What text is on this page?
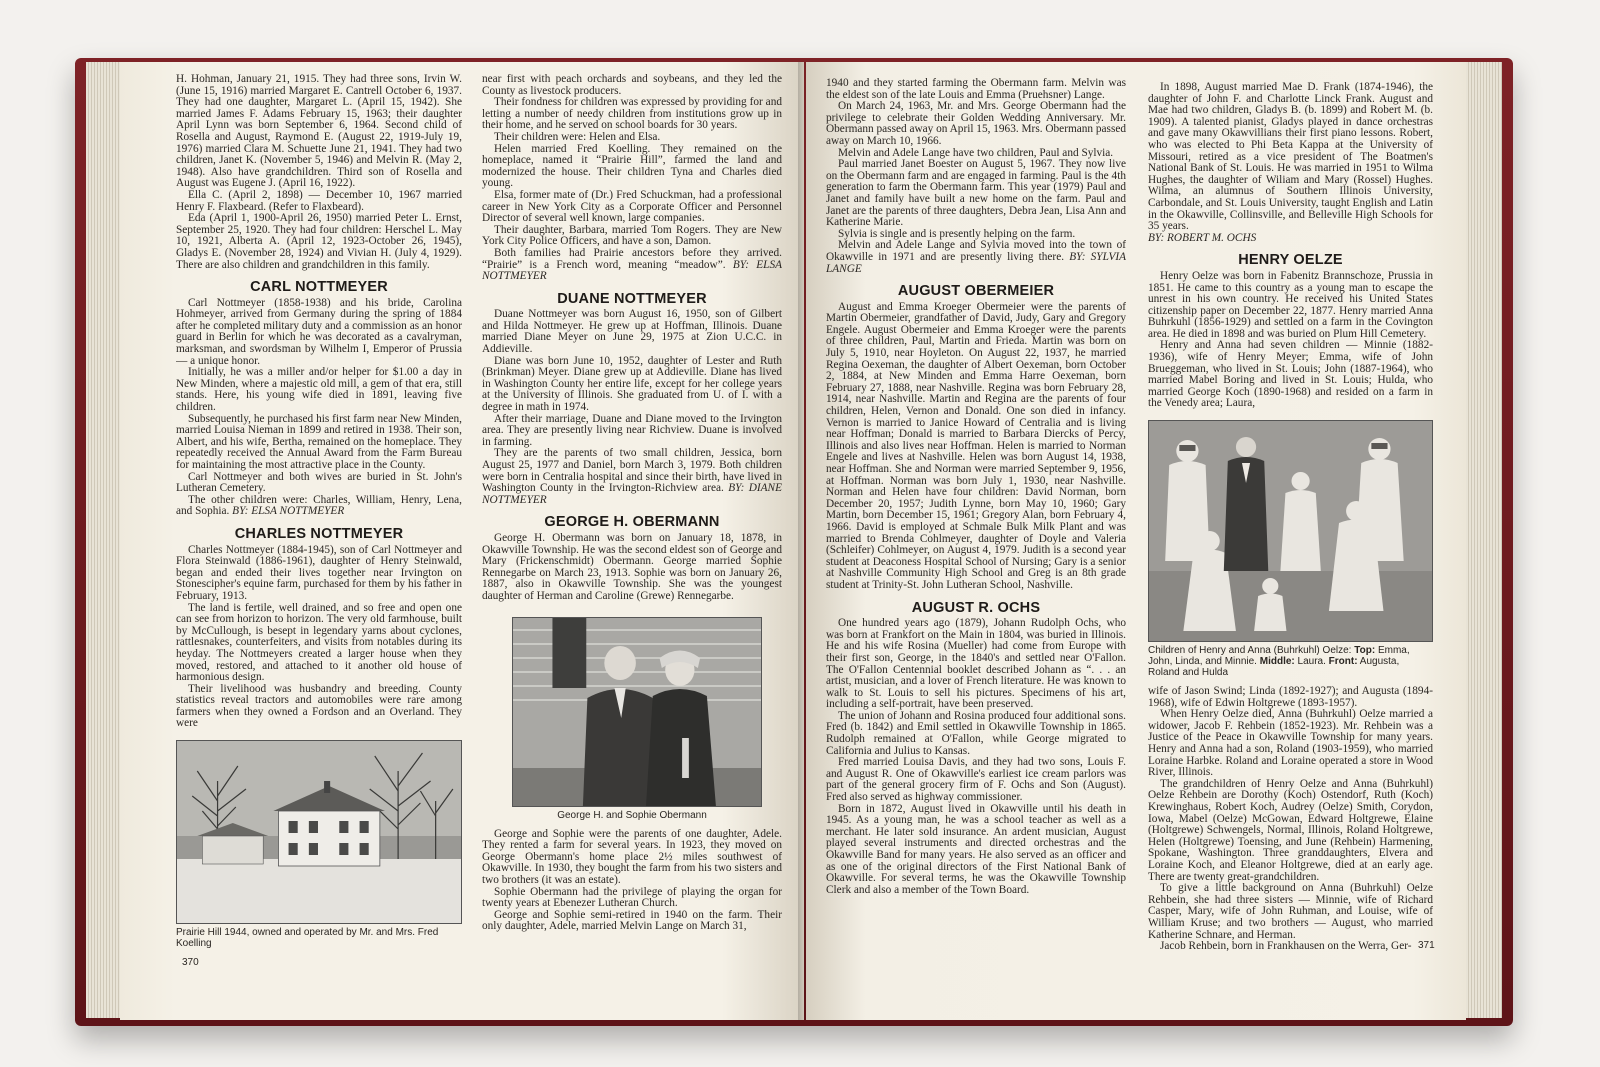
H. Hohman, January 21, 1915. They had three sons, Irvin W. (June 15, 1916) married Margaret E. Cantrell October 6, 1937. They had one daughter, Margaret L. (April 15, 1942). She married James F. Adams February 15, 1963; their daughter April Lynn was born September 6, 1964. Second child of Rosella and August, Raymond E. (August 22, 1919-July 19, 1976) married Clara M. Schuette June 21, 1941. They had two children, Janet K. (November 5, 1946) and Melvin R. (May 2, 1948). Also have grandchildren. Third son of Rosella and August was Eugene J. (April 16, 1922).

Ella C. (April 2, 1898) — December 10, 1967 married Henry F. Flaxbeard. (Refer to Flaxbeard).

Eda (April 1, 1900-April 26, 1950) married Peter L. Ernst, September 25, 1920. They had four children: Herschel L. May 10, 1921, Alberta A. (April 12, 1923-October 26, 1945), Gladys E. (November 28, 1924) and Vivian H. (July 4, 1929). There are also children and grandchildren in this family.

CARL NOTTMEYER

Carl Nottmeyer (1858-1938) and his bride, Carolina Hohmeyer, arrived from Germany during the spring of 1884 after he completed military duty and a commission as an honor guard in Berlin for which he was decorated as a cavalryman, marksman, and swordsman by Wilhelm I, Emperor of Prussia — a unique honor.

Initially, he was a miller and/or helper for $1.00 a day in New Minden, where a majestic old mill, a gem of that era, still stands. Here, his young wife died in 1891, leaving five children.

Subsequently, he purchased his first farm near New Minden, married Louisa Nieman in 1899 and retired in 1938. Their son, Albert, and his wife, Bertha, remained on the homeplace. They repeatedly received the Annual Award from the Farm Bureau for maintaining the most attractive place in the County.

Carl Nottmeyer and both wives are buried in St. John's Lutheran Cemetery.

The other children were: Charles, William, Henry, Lena, and Sophia. BY: ELSA NOTTMEYER

CHARLES NOTTMEYER

Charles Nottmeyer (1884-1945), son of Carl Nottmeyer and Flora Steinwald (1886-1961), daughter of Henry Steinwald, began and ended their lives together near Irvington on Stonescipher's equine farm, purchased for them by his father in February, 1913.

The land is fertile, well drained, and so free and open one can see from horizon to horizon. The very old farmhouse, built by McCullough, is besept in legendary yarns about cyclones, rattlesnakes, counterfeiters, and visits from notables during its heyday. The Nottmeyers created a larger house when they moved, restored, and attached to it another old house of harmonious design.

Their livelihood was husbandry and breeding. County statistics reveal tractors and automobiles were rare among farmers when they owned a Fordson and an Overland. They were

Prairie Hill 1944, owned and operated by Mr. and Mrs. Fred Koelling
370

near first with peach orchards and soybeans, and they led the County as livestock producers.

Their fondness for children was expressed by providing for and letting a number of needy children from institutions grow up in their home, and he served on school boards for 30 years.

Their children were: Helen and Elsa.

Helen married Fred Koelling. They remained on the homeplace, named it “Prairie Hill”, farmed the land and modernized the house. Their children Tyna and Charles died young.

Elsa, former mate of (Dr.) Fred Schuckman, had a professional career in New York City as a Corporate Officer and Personnel Director of several well known, large companies.

Their daughter, Barbara, married Tom Rogers. They are New York City Police Officers, and have a son, Damon.

Both families had Prairie ancestors before they arrived. “Prairie” is a French word, meaning “meadow”. BY: ELSA NOTTMEYER

DUANE NOTTMEYER

Duane Nottmeyer was born August 16, 1950, son of Gilbert and Hilda Nottmeyer. He grew up at Hoffman, Illinois. Duane married Diane Meyer on June 29, 1975 at Zion U.C.C. in Addieville.

Diane was born June 10, 1952, daughter of Lester and Ruth (Brinkman) Meyer. Diane grew up at Addieville. Diane has lived in Washington County her entire life, except for her college years at the University of Illinois. She graduated from U. of I. with a degree in math in 1974.

After their marriage, Duane and Diane moved to the Irvington area. They are presently living near Richview. Duane is involved in farming.

They are the parents of two small children, Jessica, born August 25, 1977 and Daniel, born March 3, 1979. Both children were born in Centralia hospital and since their birth, have lived in Washington County in the Irvington-Richview area. BY: DIANE NOTTMEYER

GEORGE H. OBERMANN

George H. Obermann was born on January 18, 1878, in Okawville Township. He was the second eldest son of George and Mary (Frickenschmidt) Obermann. George married Sophie Rennegarbe on March 23, 1913. Sophie was born on January 26, 1887, also in Okawville Township. She was the youngest daughter of Herman and Caroline (Grewe) Rennegarbe.

George H. and Sophie Obermann

George and Sophie were the parents of one daughter, Adele. They rented a farm for several years. In 1923, they moved on George Obermann's home place 2½ miles southwest of Okawville. In 1930, they bought the farm from his two sisters and two brothers (it was an estate).

Sophie Obermann had the privilege of playing the organ for twenty years at Ebenezer Lutheran Church.

George and Sophie semi-retired in 1940 on the farm. Their only daughter, Adele, married Melvin Lange on March 31,

1940 and they started farming the Obermann farm. Melvin was the eldest son of the late Louis and Emma (Pruehsner) Lange.

On March 24, 1963, Mr. and Mrs. George Obermann had the privilege to celebrate their Golden Wedding Anniversary. Mr. Obermann passed away on April 15, 1963. Mrs. Obermann passed away on March 10, 1966.

Melvin and Adele Lange have two children, Paul and Sylvia.

Paul married Janet Boester on August 5, 1967. They now live on the Obermann farm and are engaged in farming. Paul is the 4th generation to farm the Obermann farm. This year (1979) Paul and Janet and family have built a new home on the farm. Paul and Janet are the parents of three daughters, Debra Jean, Lisa Ann and Katherine Marie.

Sylvia is single and is presently helping on the farm.

Melvin and Adele Lange and Sylvia moved into the town of Okawville in 1971 and are presently living there. BY: SYLVIA LANGE

AUGUST OBERMEIER

August and Emma Kroeger Obermeier were the parents of Martin Obermeier, grandfather of David, Judy, Gary and Gregory Engele. August Obermeier and Emma Kroeger were the parents of three children, Paul, Martin and Frieda. Martin was born on July 5, 1910, near Hoyleton. On August 22, 1937, he married Regina Oexeman, the daughter of Albert Oexeman, born October 2, 1884, at New Minden and Emma Harre Oexeman, born February 27, 1888, near Nashville. Regina was born February 28, 1914, near Nashville. Martin and Regina are the parents of four children, Helen, Vernon and Donald. One son died in infancy. Vernon is married to Janice Howard of Centralia and is living near Hoffman; Donald is married to Barbara Diercks of Percy, Illinois and also lives near Hoffman. Helen is married to Norman Engele and lives at Nashville. Helen was born August 14, 1938, near Hoffman. She and Norman were married September 9, 1956, at Hoffman. Norman was born July 1, 1930, near Nashville. Norman and Helen have four children: David Norman, born December 20, 1957; Judith Lynne, born May 10, 1960; Gary Martin, born December 15, 1961; Gregory Alan, born February 4, 1966. David is employed at Schmale Bulk Milk Plant and was married to Brenda Cohlmeyer, daughter of Doyle and Valeria (Schleifer) Cohlmeyer, on August 4, 1979. Judith is a second year student at Deaconess Hospital School of Nursing; Gary is a senior at Nashville Community High School and Greg is an 8th grade student at Trinity-St. John Lutheran School, Nashville.

AUGUST R. OCHS

One hundred years ago (1879), Johann Rudolph Ochs, who was born at Frankfort on the Main in 1804, was buried in Illinois. He and his wife Rosina (Mueller) had come from Europe with their first son, George, in the 1840's and settled near O'Fallon. The O'Fallon Centennial booklet described Johann as “. . . an artist, musician, and a lover of French literature. He was known to walk to St. Louis to sell his pictures. Specimens of his art, including a self-portrait, have been preserved.

The union of Johann and Rosina produced four additional sons. Fred (b. 1842) and Emil settled in Okawville Township in 1865. Rudolph remained at O'Fallon, while George migrated to California and Julius to Kansas.

Fred married Louisa Davis, and they had two sons, Louis F. and August R. One of Okawville's earliest ice cream parlors was part of the general grocery firm of F. Ochs and Son (August). Fred also served as highway commissioner.

Born in 1872, August lived in Okawville until his death in 1945. As a young man, he was a school teacher as well as a merchant. He later sold insurance. An ardent musician, August played several instruments and directed orchestras and the Okawville Band for many years. He also served as an officer and as one of the original directors of the First National Bank of Okawville. For several terms, he was the Okawville Township Clerk and also a member of the Town Board.

In 1898, August married Mae D. Frank (1874-1946), the daughter of John F. and Charlotte Linck Frank. August and Mae had two children, Gladys B. (b. 1899) and Robert M. (b. 1909). A talented pianist, Gladys played in dance orchestras and gave many Okawvillians their first piano lessons. Robert, who was elected to Phi Beta Kappa at the University of Missouri, retired as a vice president of The Boatmen's National Bank of St. Louis. He was married in 1951 to Wilma Hughes, the daughter of Wiliam and Mary (Rossel) Hughes. Wilma, an alumnus of Southern Illinois University, Carbondale, and St. Louis University, taught English and Latin in the Okawville, Collinsville, and Belleville High Schools for 35 years.

BY: ROBERT M. OCHS

HENRY OELZE

Henry Oelze was born in Fabenitz Brannschoze, Prussia in 1851. He came to this country as a young man to escape the unrest in his own country. He received his United States citizenship paper on December 22, 1877. Henry married Anna Buhrkuhl (1856-1929) and settled on a farm in the Covington area. He died in 1898 and was buried on Plum Hill Cemetery.

Henry and Anna had seven children — Minnie (1882-1936), wife of Henry Meyer; Emma, wife of John Brueggeman, who lived in St. Louis; John (1887-1964), who married Mabel Boring and lived in St. Louis; Hulda, who married George Koch (1890-1968) and resided on a farm in the Venedy area; Laura,

Children of Henry and Anna (Buhrkuhl) Oelze: Top: Emma, John, Linda, and Minnie. Middle: Laura. Front: Augusta, Roland and Hulda

wife of Jason Swind; Linda (1892-1927); and Augusta (1894-1968), wife of Edwin Holtgrewe (1893-1957).

When Henry Oelze died, Anna (Buhrkuhl) Oelze married a widower, Jacob F. Rehbein (1852-1923). Mr. Rehbein was a Justice of the Peace in Okawville Township for many years. Henry and Anna had a son, Roland (1903-1959), who married Loraine Harbke. Roland and Loraine operated a store in Wood River, Illinois.

The grandchildren of Henry Oelze and Anna (Buhrkuhl) Oelze Rehbein are Dorothy (Koch) Ostendorf, Ruth (Koch) Krewinghaus, Robert Koch, Audrey (Oelze) Smith, Corydon, Iowa, Mabel (Oelze) McGowan, Edward Holtgrewe, Elaine (Holtgrewe) Schwengels, Normal, Illinois, Roland Holtgrewe, Helen (Holtgrewe) Toensing, and June (Rehbein) Harmening, Spokane, Washington. Three granddaughters, Elvera and Loraine Koch, and Eleanor Holtgrewe, died at an early age. There are twenty great-grandchildren.

To give a little background on Anna (Buhrkuhl) Oelze Rehbein, she had three sisters — Minnie, wife of Richard Casper, Mary, wife of John Ruhman, and Louise, wife of William Kruse; and two brothers — August, who married Katherine Schnare, and Herman.

Jacob Rehbein, born in Frankhausen on the Werra, Ger- 371
